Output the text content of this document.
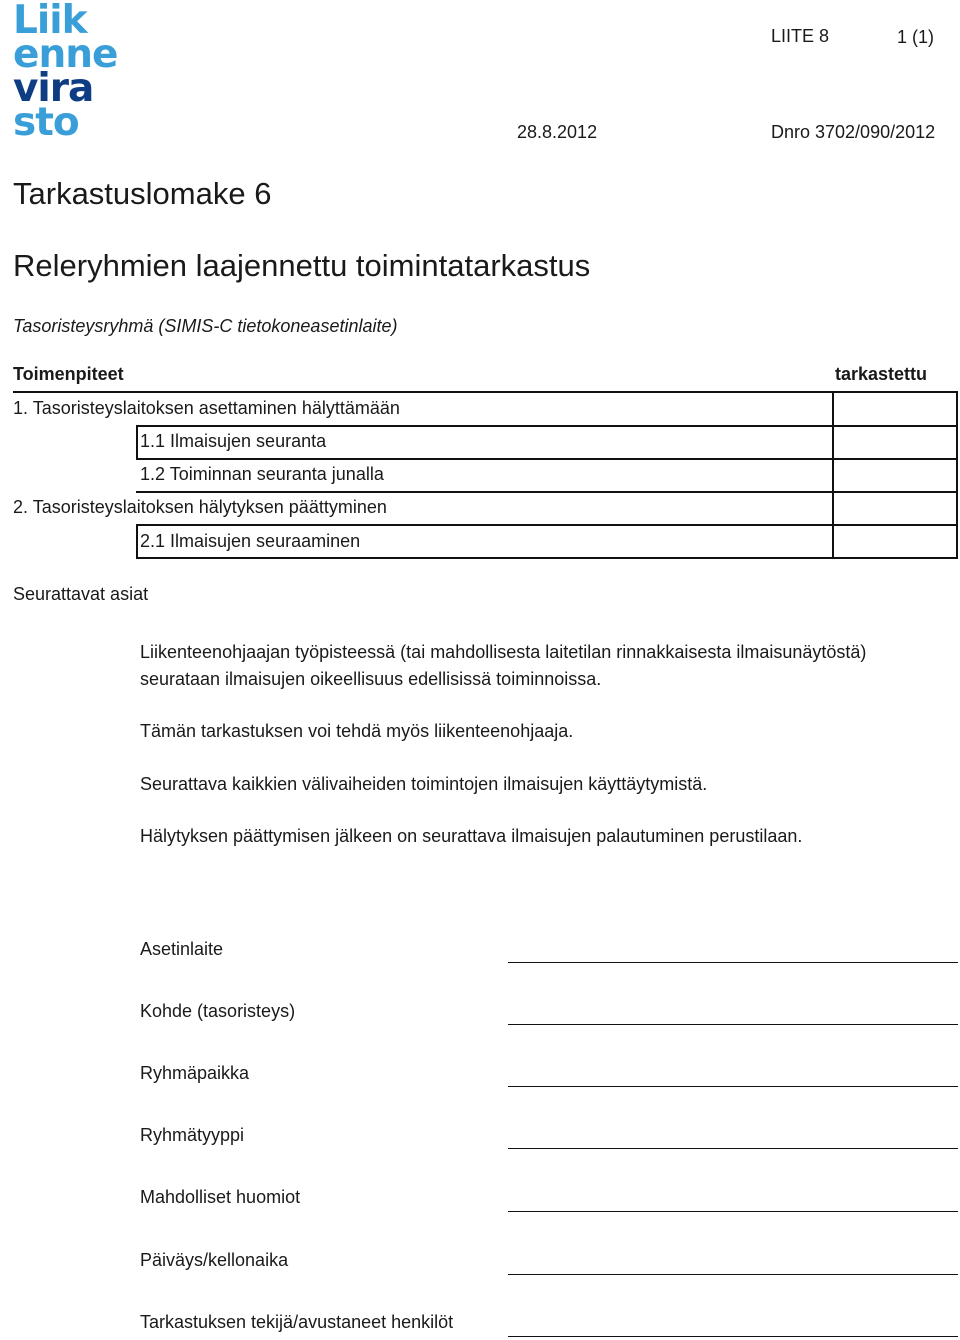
Liik
enne
vira
sto
LIITE 8	1 (1)
28.8.2012	Dnro 3702/090/2012
Tarkastuslomake 6
Releryhmien laajennettu toimintatarkastus
Tasoristeysryhmä (SIMIS-C tietokoneasetinlaite)
Toimenpiteet	tarkastettu
1. Tasoristeyslaitoksen asettaminen hälyttämään
1.1 Ilmaisujen seuranta
1.2 Toiminnan seuranta junalla
2. Tasoristeyslaitoksen hälytyksen päättyminen
2.1 Ilmaisujen seuraaminen
Seurattavat asiat
Liikenteenohjaajan työpisteessä (tai mahdollisesta laitetilan rinnakkaisesta ilmaisunäytöstä)
seurataan ilmaisujen oikeellisuus edellisissä toiminnoissa.
Tämän tarkastuksen voi tehdä myös liikenteenohjaaja.
Seurattava kaikkien välivaiheiden toimintojen ilmaisujen käyttäytymistä.
Hälytyksen päättymisen jälkeen on seurattava ilmaisujen palautuminen perustilaan.
Asetinlaite
Kohde (tasoristeys)
Ryhmäpaikka
Ryhmätyyppi
Mahdolliset huomiot
Päiväys/kellonaika
Tarkastuksen tekijä/avustaneet henkilöt
